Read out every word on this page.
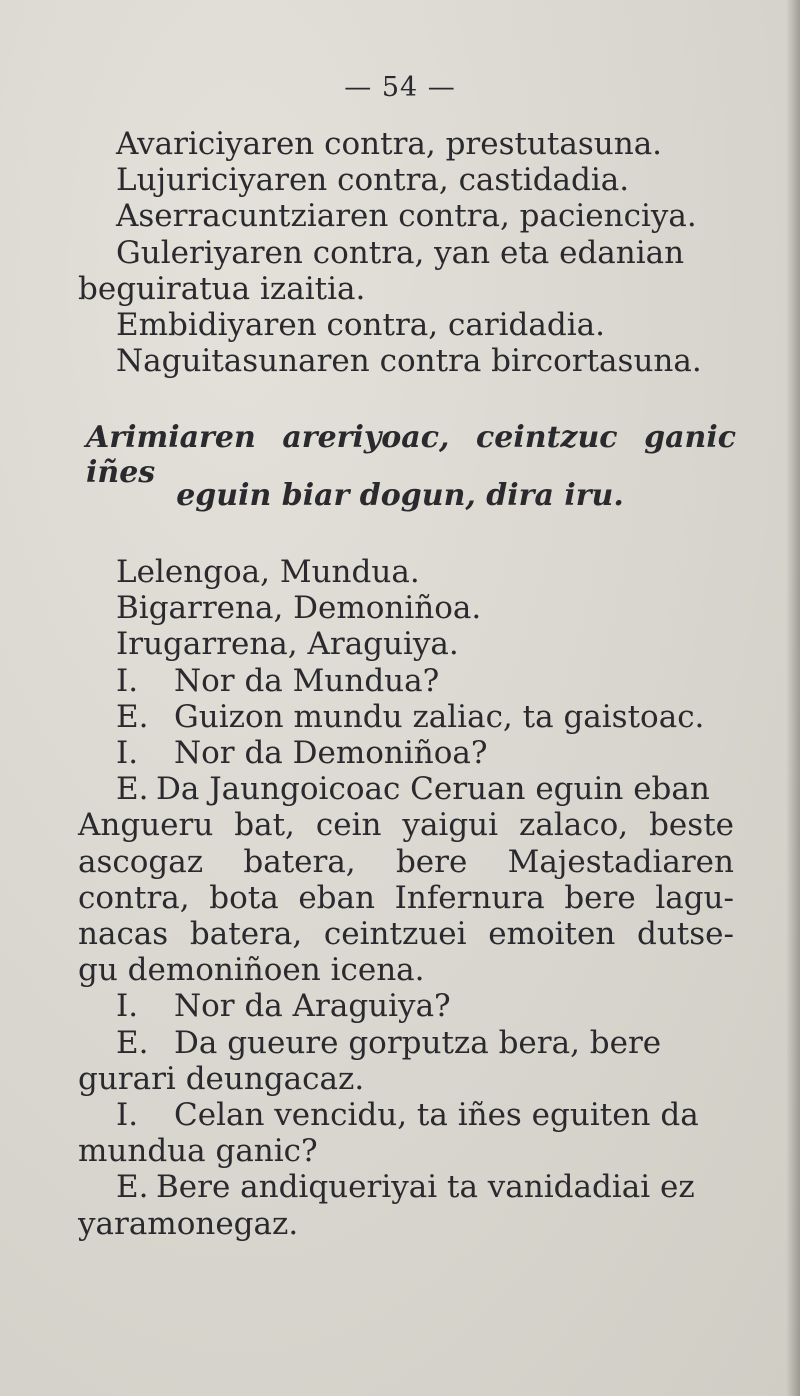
— 54 —
Avariciyaren contra, prestutasuna.
Lujuriciyaren contra, castidadia.
Aserracuntziaren contra, pacienciya.
Guleriyaren contra, yan eta edanian
beguiratua izaitia.
Embidiyaren contra, caridadia.
Naguitasunaren contra bircortasuna.
Arimiaren areriyoac, ceintzuc ganic iñes
eguin biar dogun, dira iru.
Lelengoa, Mundua.
Bigarrena, Demoniñoa.
Irugarrena, Araguiya.
I. Nor da Mundua?
E. Guizon mundu zaliac, ta gaistoac.
I. Nor da Demoniñoa?
E. Da Jaungoicoac Ceruan eguin eban
Angueru bat, cein yaigui zalaco, beste
ascogaz batera, bere Majestadiaren
contra, bota eban Infernura bere lagu-
nacas batera, ceintzuei emoiten dutse-
gu demoniñoen icena.
I. Nor da Araguiya?
E. Da gueure gorputza bera, bere
gurari deungacaz.
I. Celan vencidu, ta iñes eguiten da
mundua ganic?
E. Bere andiqueriyai ta vanidadiai ez
yaramonegaz.
